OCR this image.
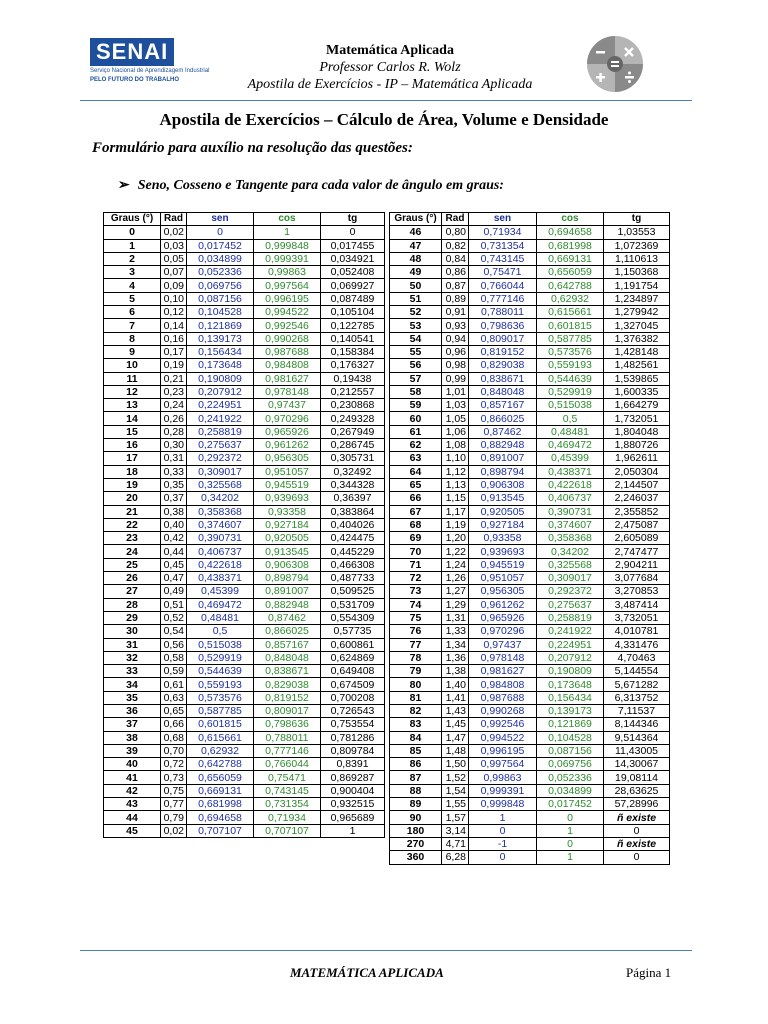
SENAI
Serviço Nacional de Aprendizagem Industrial
PELO FUTURO DO TRABALHO
Matemática Aplicada
Professor Carlos R. Wolz
Apostila de Exercícios - IP – Matemática Aplicada
Apostila de Exercícios – Cálculo de Área, Volume e Densidade
Formulário para auxílio na resolução das questões:
➢ Seno, Cosseno e Tangente para cada valor de ângulo em graus:
Graus (°)	Rad	sen	cos	tg
0	0,02	0	1	0
1	0,03	0,017452	0,999848	0,017455
2	0,05	0,034899	0,999391	0,034921
3	0,07	0,052336	0,99863	0,052408
4	0,09	0,069756	0,997564	0,069927
5	0,10	0,087156	0,996195	0,087489
6	0,12	0,104528	0,994522	0,105104
7	0,14	0,121869	0,992546	0,122785
8	0,16	0,139173	0,990268	0,140541
9	0,17	0,156434	0,987688	0,158384
10	0,19	0,173648	0,984808	0,176327
11	0,21	0,190809	0,981627	0,19438
12	0,23	0,207912	0,978148	0,212557
13	0,24	0,224951	0,97437	0,230868
14	0,26	0,241922	0,970296	0,249328
15	0,28	0,258819	0,965926	0,267949
16	0,30	0,275637	0,961262	0,286745
17	0,31	0,292372	0,956305	0,305731
18	0,33	0,309017	0,951057	0,32492
19	0,35	0,325568	0,945519	0,344328
20	0,37	0,34202	0,939693	0,36397
21	0,38	0,358368	0,93358	0,383864
22	0,40	0,374607	0,927184	0,404026
23	0,42	0,390731	0,920505	0,424475
24	0,44	0,406737	0,913545	0,445229
25	0,45	0,422618	0,906308	0,466308
26	0,47	0,438371	0,898794	0,487733
27	0,49	0,45399	0,891007	0,509525
28	0,51	0,469472	0,882948	0,531709
29	0,52	0,48481	0,87462	0,554309
30	0,54	0,5	0,866025	0,57735
31	0,56	0,515038	0,857167	0,600861
32	0,58	0,529919	0,848048	0,624869
33	0,59	0,544639	0,838671	0,649408
34	0,61	0,559193	0,829038	0,674509
35	0,63	0,573576	0,819152	0,700208
36	0,65	0,587785	0,809017	0,726543
37	0,66	0,601815	0,798636	0,753554
38	0,68	0,615661	0,788011	0,781286
39	0,70	0,62932	0,777146	0,809784
40	0,72	0,642788	0,766044	0,8391
41	0,73	0,656059	0,75471	0,869287
42	0,75	0,669131	0,743145	0,900404
43	0,77	0,681998	0,731354	0,932515
44	0,79	0,694658	0,71934	0,965689
45	0,02	0,707107	0,707107	1
Graus (°)	Rad	sen	cos	tg
46	0,80	0,71934	0,694658	1,03553
47	0,82	0,731354	0,681998	1,072369
48	0,84	0,743145	0,669131	1,110613
49	0,86	0,75471	0,656059	1,150368
50	0,87	0,766044	0,642788	1,191754
51	0,89	0,777146	0,62932	1,234897
52	0,91	0,788011	0,615661	1,279942
53	0,93	0,798636	0,601815	1,327045
54	0,94	0,809017	0,587785	1,376382
55	0,96	0,819152	0,573576	1,428148
56	0,98	0,829038	0,559193	1,482561
57	0,99	0,838671	0,544639	1,539865
58	1,01	0,848048	0,529919	1,600335
59	1,03	0,857167	0,515038	1,664279
60	1,05	0,866025	0,5	1,732051
61	1,06	0,87462	0,48481	1,804048
62	1,08	0,882948	0,469472	1,880726
63	1,10	0,891007	0,45399	1,962611
64	1,12	0,898794	0,438371	2,050304
65	1,13	0,906308	0,422618	2,144507
66	1,15	0,913545	0,406737	2,246037
67	1,17	0,920505	0,390731	2,355852
68	1,19	0,927184	0,374607	2,475087
69	1,20	0,93358	0,358368	2,605089
70	1,22	0,939693	0,34202	2,747477
71	1,24	0,945519	0,325568	2,904211
72	1,26	0,951057	0,309017	3,077684
73	1,27	0,956305	0,292372	3,270853
74	1,29	0,961262	0,275637	3,487414
75	1,31	0,965926	0,258819	3,732051
76	1,33	0,970296	0,241922	4,010781
77	1,34	0,97437	0,224951	4,331476
78	1,36	0,978148	0,207912	4,70463
79	1,38	0,981627	0,190809	5,144554
80	1,40	0,984808	0,173648	5,671282
81	1,41	0,987688	0,156434	6,313752
82	1,43	0,990268	0,139173	7,11537
83	1,45	0,992546	0,121869	8,144346
84	1,47	0,994522	0,104528	9,514364
85	1,48	0,996195	0,087156	11,43005
86	1,50	0,997564	0,069756	14,30067
87	1,52	0,99863	0,052336	19,08114
88	1,54	0,999391	0,034899	28,63625
89	1,55	0,999848	0,017452	57,28996
90	1,57	1	0	ñ existe
180	3,14	0	1	0
270	4,71	-1	0	ñ existe
360	6,28	0	1	0
MATEMÁTICA APLICADA	Página 1
